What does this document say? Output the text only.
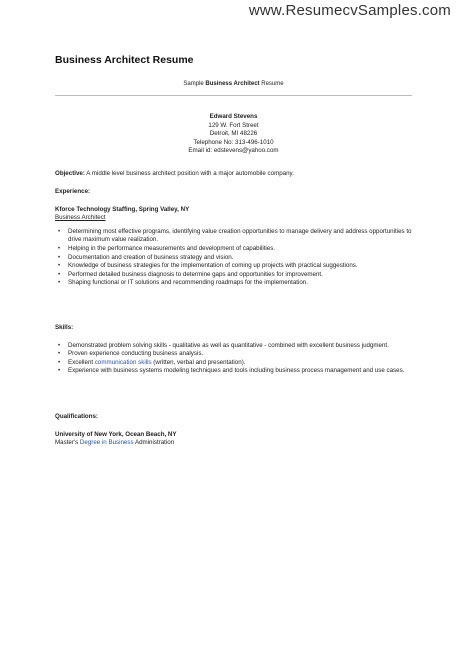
www.ResumecvSamples.com
Business Architect Resume
Sample Business Architect Resume
Edward Stevens
129 W. Fort Street
Detroit, MI 48226
Telephone No: 313-496-1010
Email id: edstevens@yahoo.com
Objective: A middle level business architect position with a major automobile company.
Experience:
Kforce Technology Staffing, Spring Valley, NY
Business Architect
• Determining most effective programs, identifying value creation opportunities to manage delivery and address opportunities to drive maximum value realization.
• Helping in the performance measurements and development of capabilities.
• Documentation and creation of business strategy and vision.
• Knowledge of business strategies for the implementation of coming up projects with practical suggestions.
• Performed detailed business diagnosis to determine gaps and opportunities for improvement.
• Shaping functional or IT solutions and recommending roadmaps for the implementation.
Skills:
• Demonstrated problem solving skills - qualitative as well as quantitative - combined with excellent business judgment.
• Proven experience conducting business analysis.
• Excellent communication skills (written, verbal and presentation).
• Experience with business systems modeling techniques and tools including business process management and use cases.
Qualifications:
University of New York, Ocean Beach, NY
Master's Degree in Business Administration
